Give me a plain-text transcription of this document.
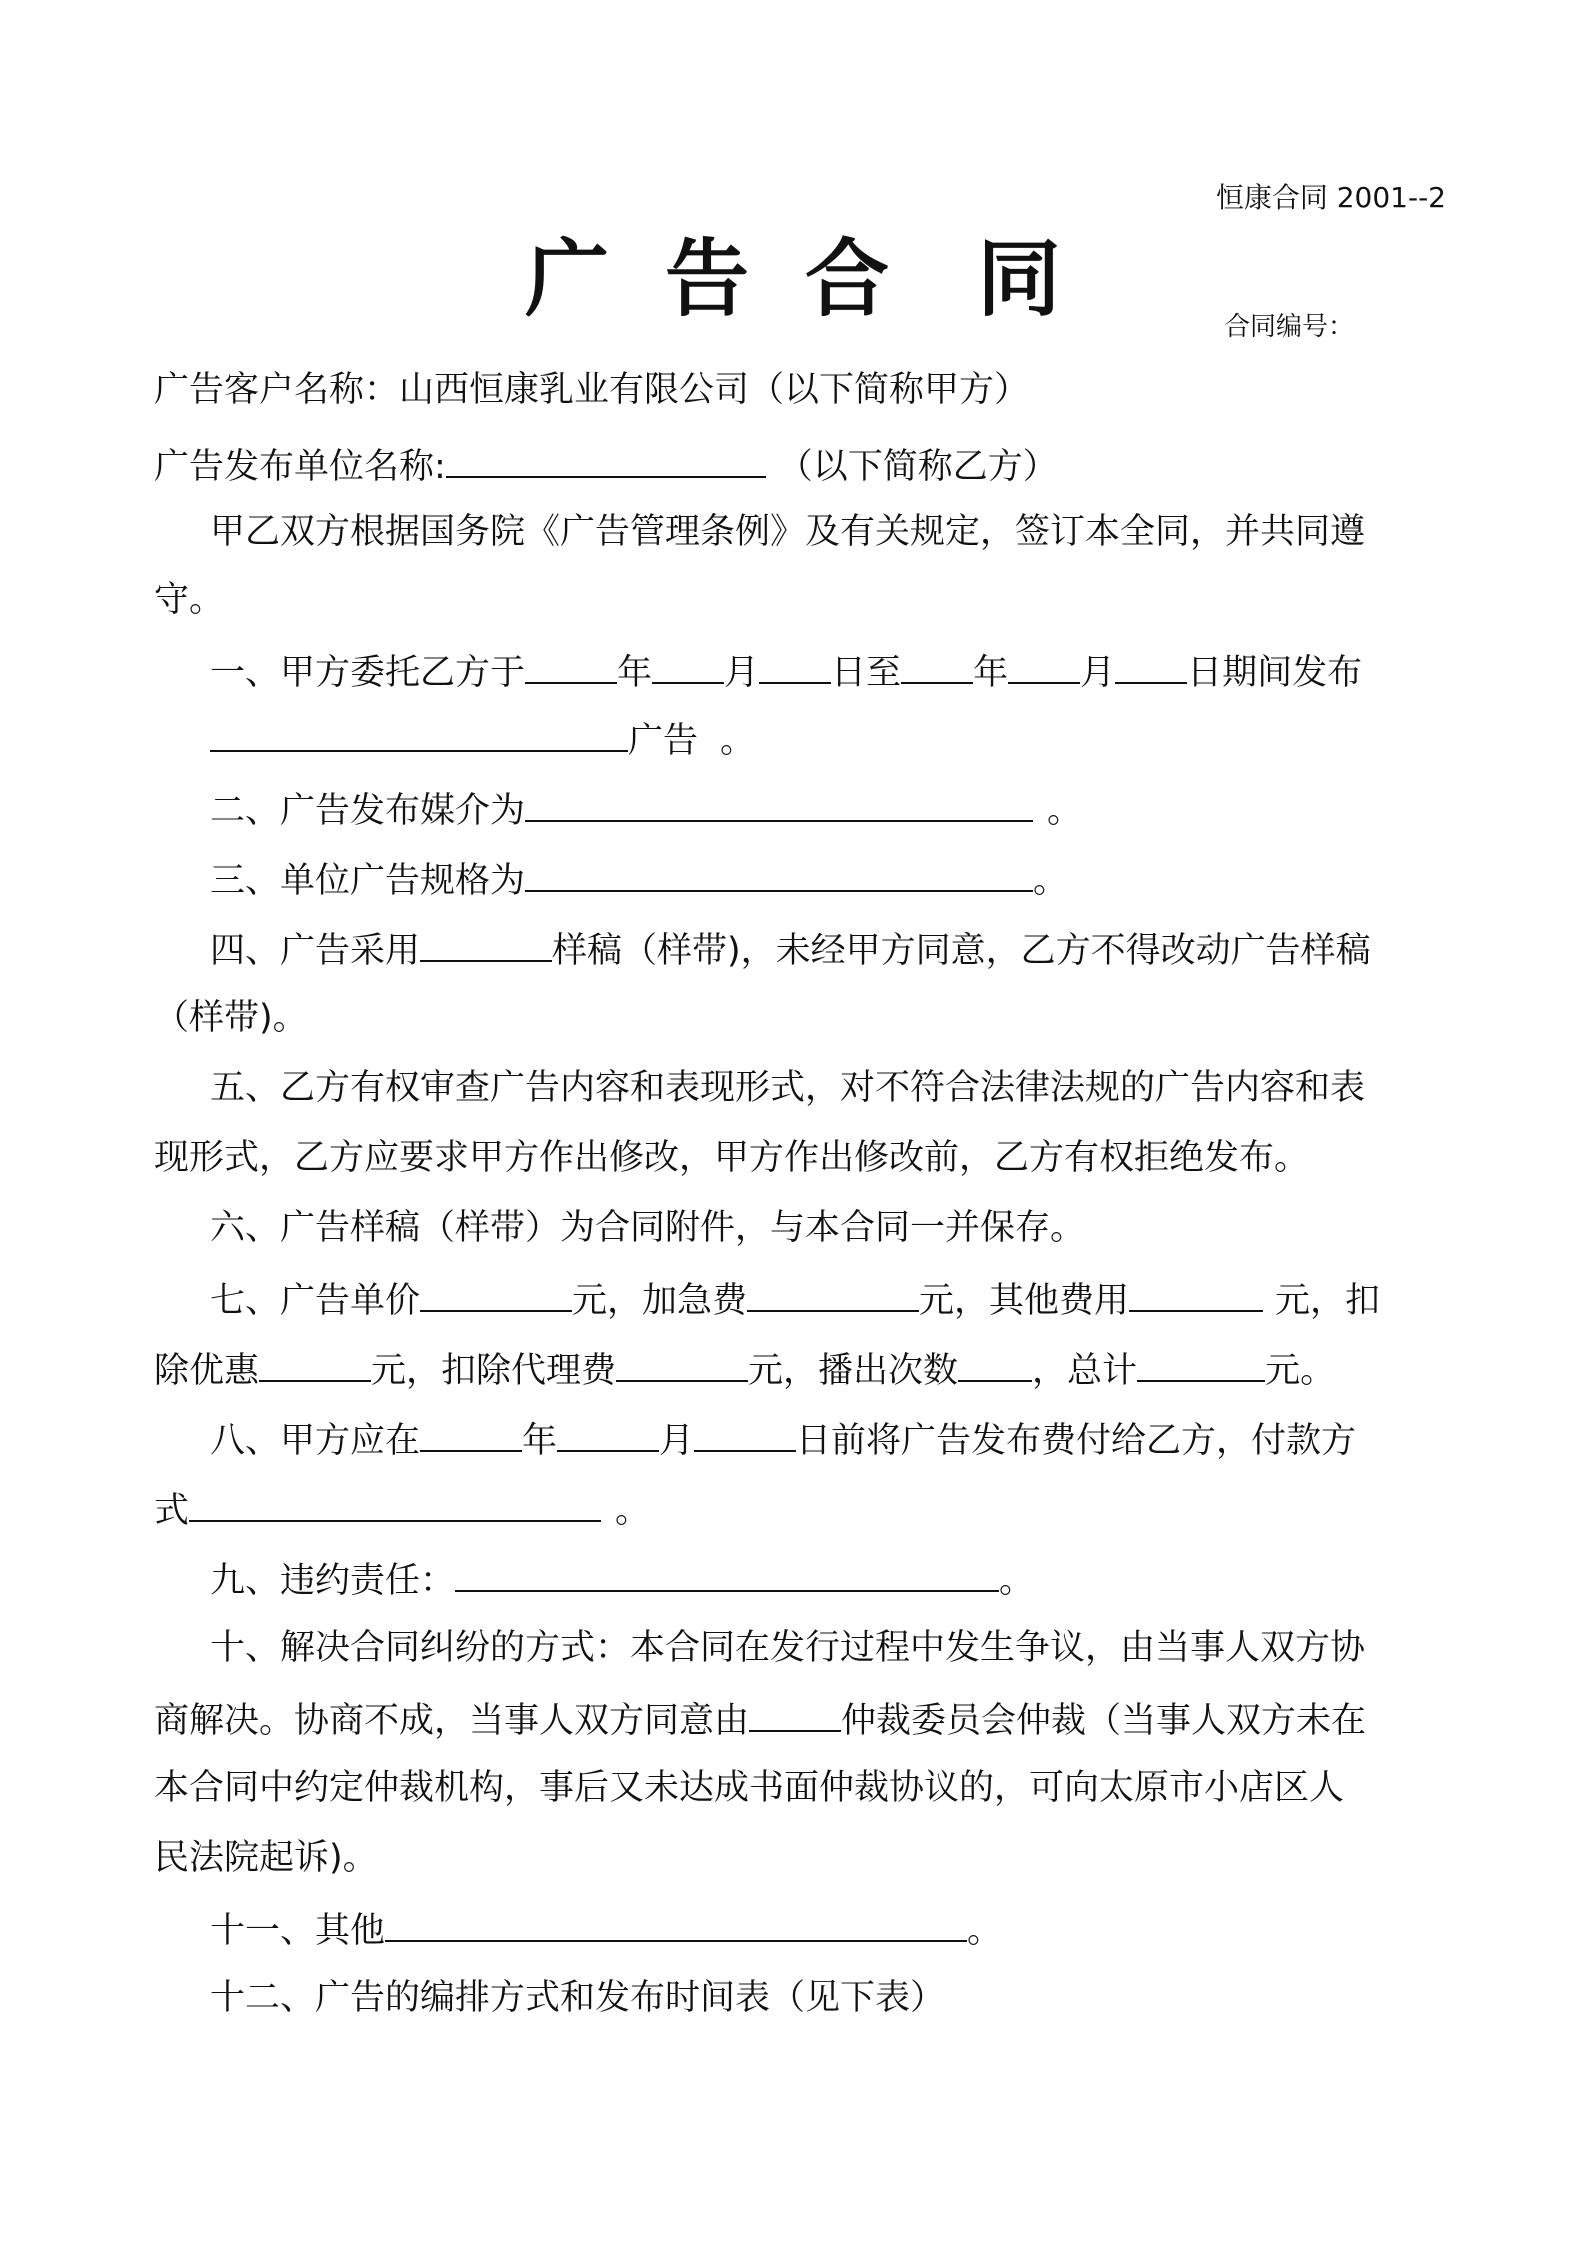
恒康合同 2001--2
广 告 合 同	合同编号：
广告客户名称：山西恒康乳业有限公司（以下简称甲方）
广告发布单位名称:	（以下简称乙方）
甲乙双方根据国务院《广告管理条例》及有关规定，签订本全同，并共同遵
守。
一、甲方委托乙方于	年 月 日至 年 月 日期间发布
广告 。
二、广告发布媒介为	。
三、单位广告规格为	。
四、广告采用	样稿（样带)，未经甲方同意，乙方不得改动广告样稿
（样带)。
五、乙方有权审查广告内容和表现形式，对不符合法律法规的广告内容和表
现形式，乙方应要求甲方作出修改，甲方作出修改前，乙方有权拒绝发布。
六、广告样稿（样带）为合同附件，与本合同一并保存。
七、广告单价	元，加急费	元，其他费用	元，扣
除优惠	元，扣除代理费	元，播出次数 ，总计	元。
八、甲方应在	年	月	日前将广告发布费付给乙方，付款方
式	。
九、违约责任：	。
十、解决合同纠纷的方式：本合同在发行过程中发生争议，由当事人双方协
商解决。协商不成，当事人双方同意由	仲裁委员会仲裁（当事人双方未在
本合同中约定仲裁机构，事后又未达成书面仲裁协议的，可向太原市小店区人
民法院起诉)。
十一、其他	。
十二、广告的编排方式和发布时间表（见下表）
